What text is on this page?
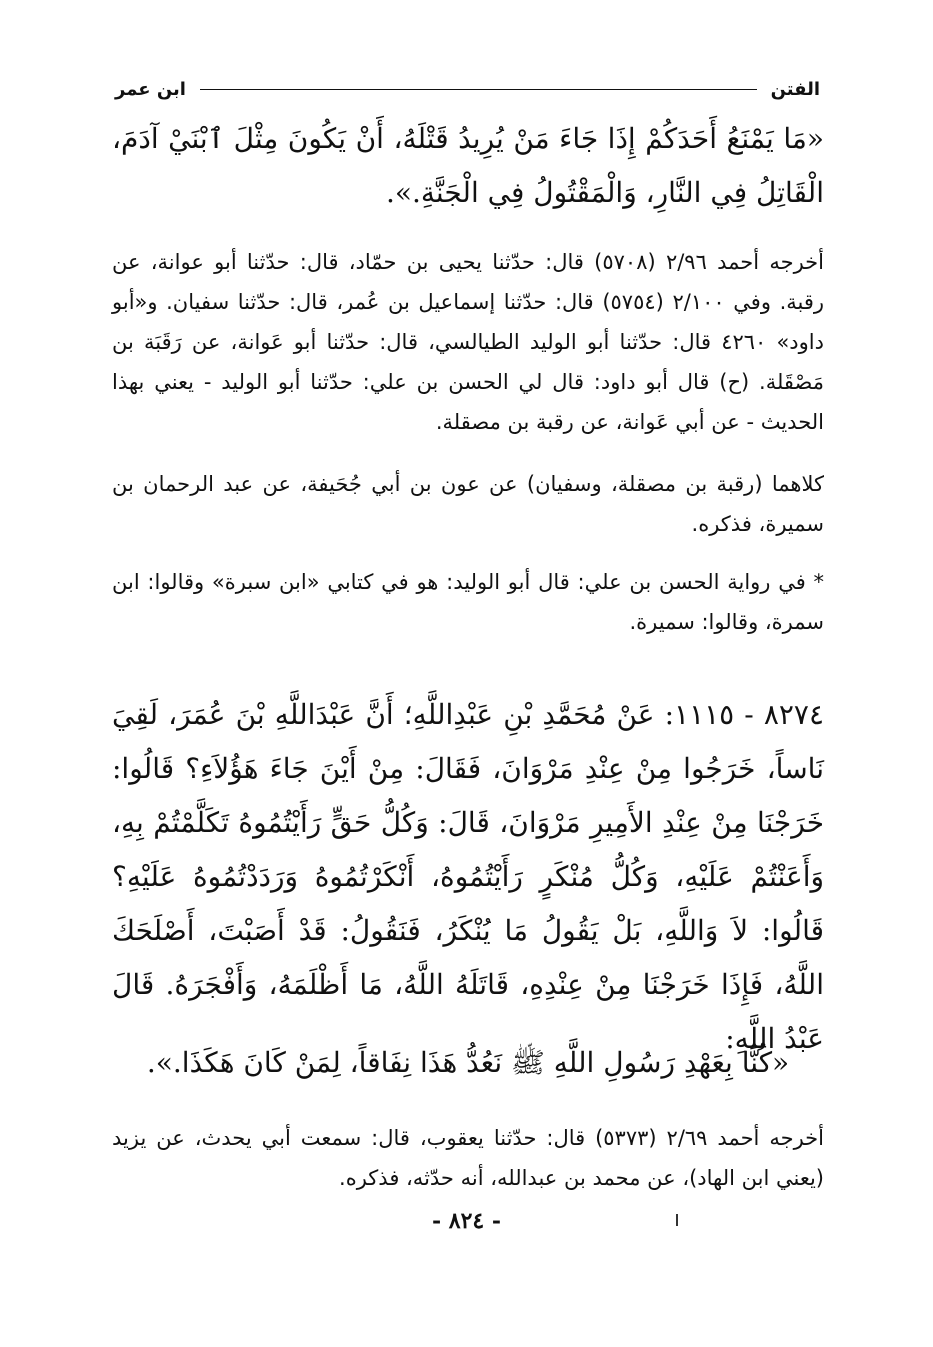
الفتن
ابن عمر
«مَا يَمْنَعُ أَحَدَكُمْ إِذَا جَاءَ مَنْ يُرِيدُ قَتْلَهُ، أَنْ يَكُونَ مِثْلَ ٱبْنَيْ آدَمَ، الْقَاتِلُ فِي النَّارِ، وَالْمَقْتُولُ فِي الْجَنَّةِ.».
أخرجه أحمد ٢/٩٦ (٥٧٠٨) قال: حدّثنا يحيى بن حمّاد، قال: حدّثنا أبو عوانة، عن رقبة. وفي ٢/١٠٠ (٥٧٥٤) قال: حدّثنا إسماعيل بن عُمر، قال: حدّثنا سفيان. و«أبو داود» ٤٢٦٠ قال: حدّثنا أبو الوليد الطيالسي، قال: حدّثنا أبو عَوانة، عن رَقَبَة بن مَصْقَلة. (ح) قال أبو داود: قال لي الحسن بن علي: حدّثنا أبو الوليد - يعني بهذا الحديث - عن أبي عَوانة، عن رقبة بن مصقلة.
كلاهما (رقبة بن مصقلة، وسفيان) عن عون بن أبي جُحَيفة، عن عبد الرحمان بن سميرة، فذكره.
* في رواية الحسن بن علي: قال أبو الوليد: هو في كتابي «ابن سبرة» وقالوا: ابن سمرة، وقالوا: سميرة.
٨٢٧٤ - ١١١٥: عَنْ مُحَمَّدِ بْنِ عَبْدِاللَّهِ؛ أَنَّ عَبْدَاللَّهِ بْنَ عُمَرَ، لَقِيَ نَاساً، خَرَجُوا مِنْ عِنْدِ مَرْوَانَ، فَقَالَ: مِنْ أَيْنَ جَاءَ هَؤُلاَءِ؟ قَالُوا: خَرَجْنَا مِنْ عِنْدِ الأَمِيرِ مَرْوَانَ، قَالَ: وَكُلُّ حَقٍّ رَأَيْتُمُوهُ تَكَلَّمْتُمْ بِهِ، وَأَعَنْتُمْ عَلَيْهِ، وَكُلُّ مُنْكَرٍ رَأَيْتُمُوهُ، أَنْكَرْتُمُوهُ وَرَدَدْتُمُوهُ عَلَيْهِ؟ قَالُوا: لاَ وَاللَّهِ، بَلْ يَقُولُ مَا يُنْكَرُ، فَنَقُولُ: قَدْ أَصَبْتَ، أَصْلَحَكَ اللَّهُ، فَإِذَا خَرَجْنَا مِنْ عِنْدِهِ، قَاتَلَهُ اللَّهُ، مَا أَظْلَمَهُ، وَأَفْجَرَهُ. قَالَ عَبْدُ اللَّهِ:
«كُنَّا بِعَهْدِ رَسُولِ اللَّهِ ﷺ نَعُدُّ هَذَا نِفَاقاً، لِمَنْ كَانَ هَكَذَا.».
أخرجه أحمد ٢/٦٩ (٥٣٧٣) قال: حدّثنا يعقوب، قال: سمعت أبي يحدث، عن يزيد (يعني ابن الهاد)، عن محمد بن عبدالله، أنه حدّثه، فذكره.
- ٨٢٤ -
